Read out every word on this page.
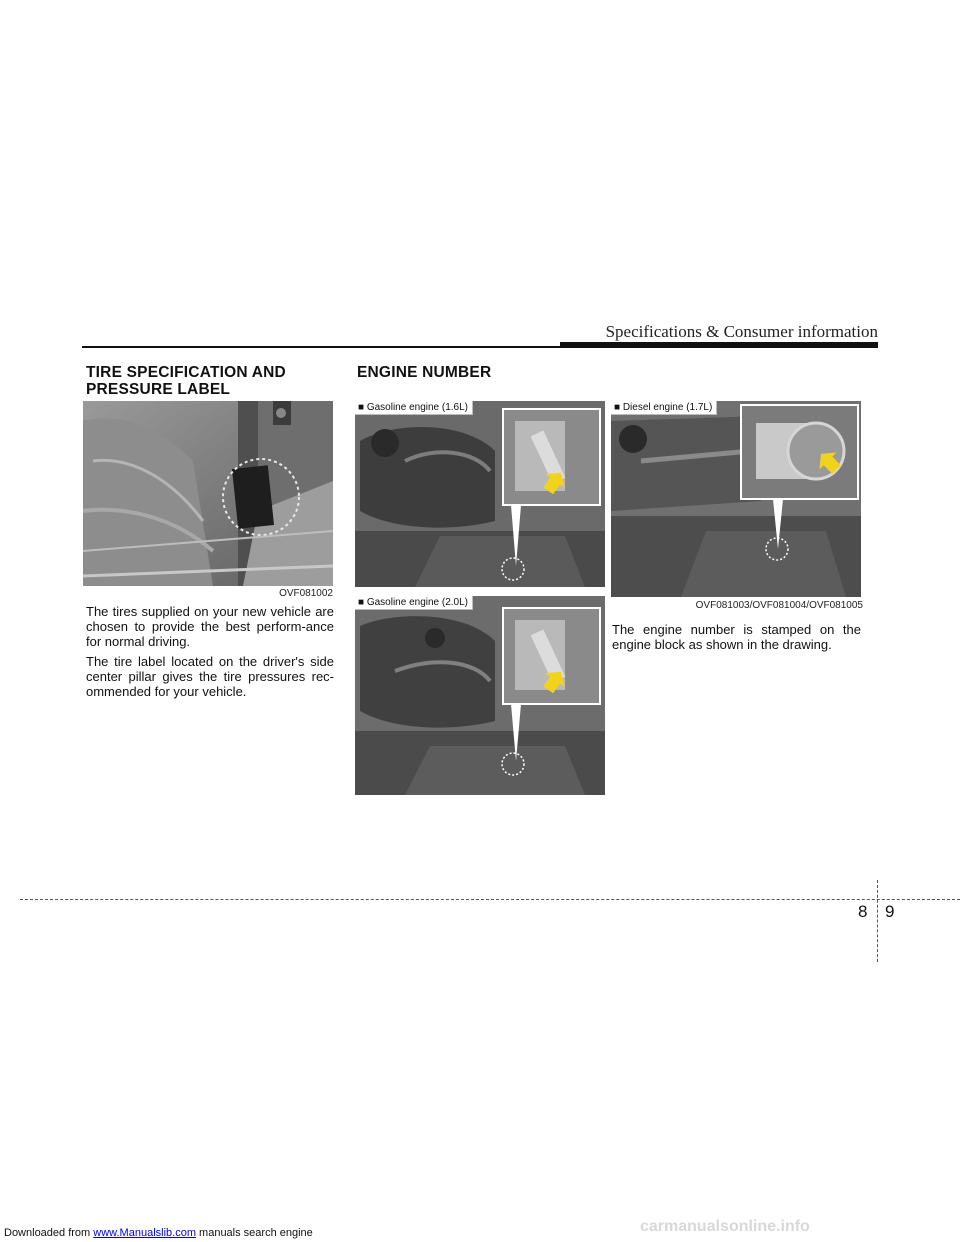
Specifications & Consumer information
TIRE SPECIFICATION AND
PRESSURE LABEL
ENGINE NUMBER
OVF081002

The tires supplied on your new vehicle are chosen to provide the best perform-ance for normal driving.

The tire label located on the driver's side center pillar gives the tire pressures rec-ommended for your vehicle.

■ Gasoline engine (1.6L)
■ Gasoline engine (2.0L)
■ Diesel engine (1.7L)
OVF081003/OVF081004/OVF081005

The engine number is stamped on the engine block as shown in the drawing.

8 9
carmanualsonline.info
Downloaded from www.Manualslib.com manuals search engine
